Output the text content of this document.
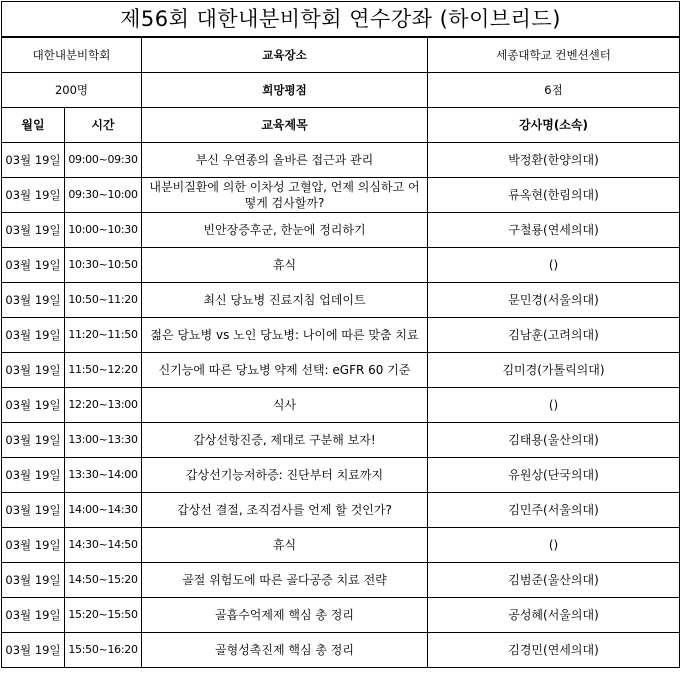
제56회 대한내분비학회 연수강좌 (하이브리드)			
대한내분비학회		교육장소	세종대학교 컨벤션센터
200명		희망평점	6점
월일	시간	교육제목	강사명(소속)
03월 19일	09:00~09:30	부신 우연종의 올바른 접근과 관리	박정환(한양의대)
03월 19일	09:30~10:00	내분비질환에 의한 이차성 고혈압, 언제 의심하고 어떻게 검사할까?	류옥현(한림의대)
03월 19일	10:00~10:30	빈안장증후군, 한눈에 정리하기	구철룡(연세의대)
03월 19일	10:30~10:50	휴식	()
03월 19일	10:50~11:20	최신 당뇨병 진료지침 업데이트	문민경(서울의대)
03월 19일	11:20~11:50	젊은 당뇨병 vs 노인 당뇨병: 나이에 따른 맞춤 치료	김남훈(고려의대)
03월 19일	11:50~12:20	신기능에 따른 당뇨병 약제 선택: eGFR 60 기준	김미경(가톨릭의대)
03월 19일	12:20~13:00	식사	()
03월 19일	13:00~13:30	갑상선항진증, 제대로 구분해 보자!	김태용(울산의대)
03월 19일	13:30~14:00	갑상선기능저하증: 진단부터 치료까지	유원상(단국의대)
03월 19일	14:00~14:30	갑상선 결절, 조직검사를 언제 할 것인가?	김민주(서울의대)
03월 19일	14:30~14:50	휴식	()
03월 19일	14:50~15:20	골절 위험도에 따른 골다공증 치료 전략	김범준(울산의대)
03월 19일	15:20~15:50	골흡수억제제 핵심 총 정리	공성혜(서울의대)
03월 19일	15:50~16:20	골형성촉진제 핵심 총 정리	김경민(연세의대)
